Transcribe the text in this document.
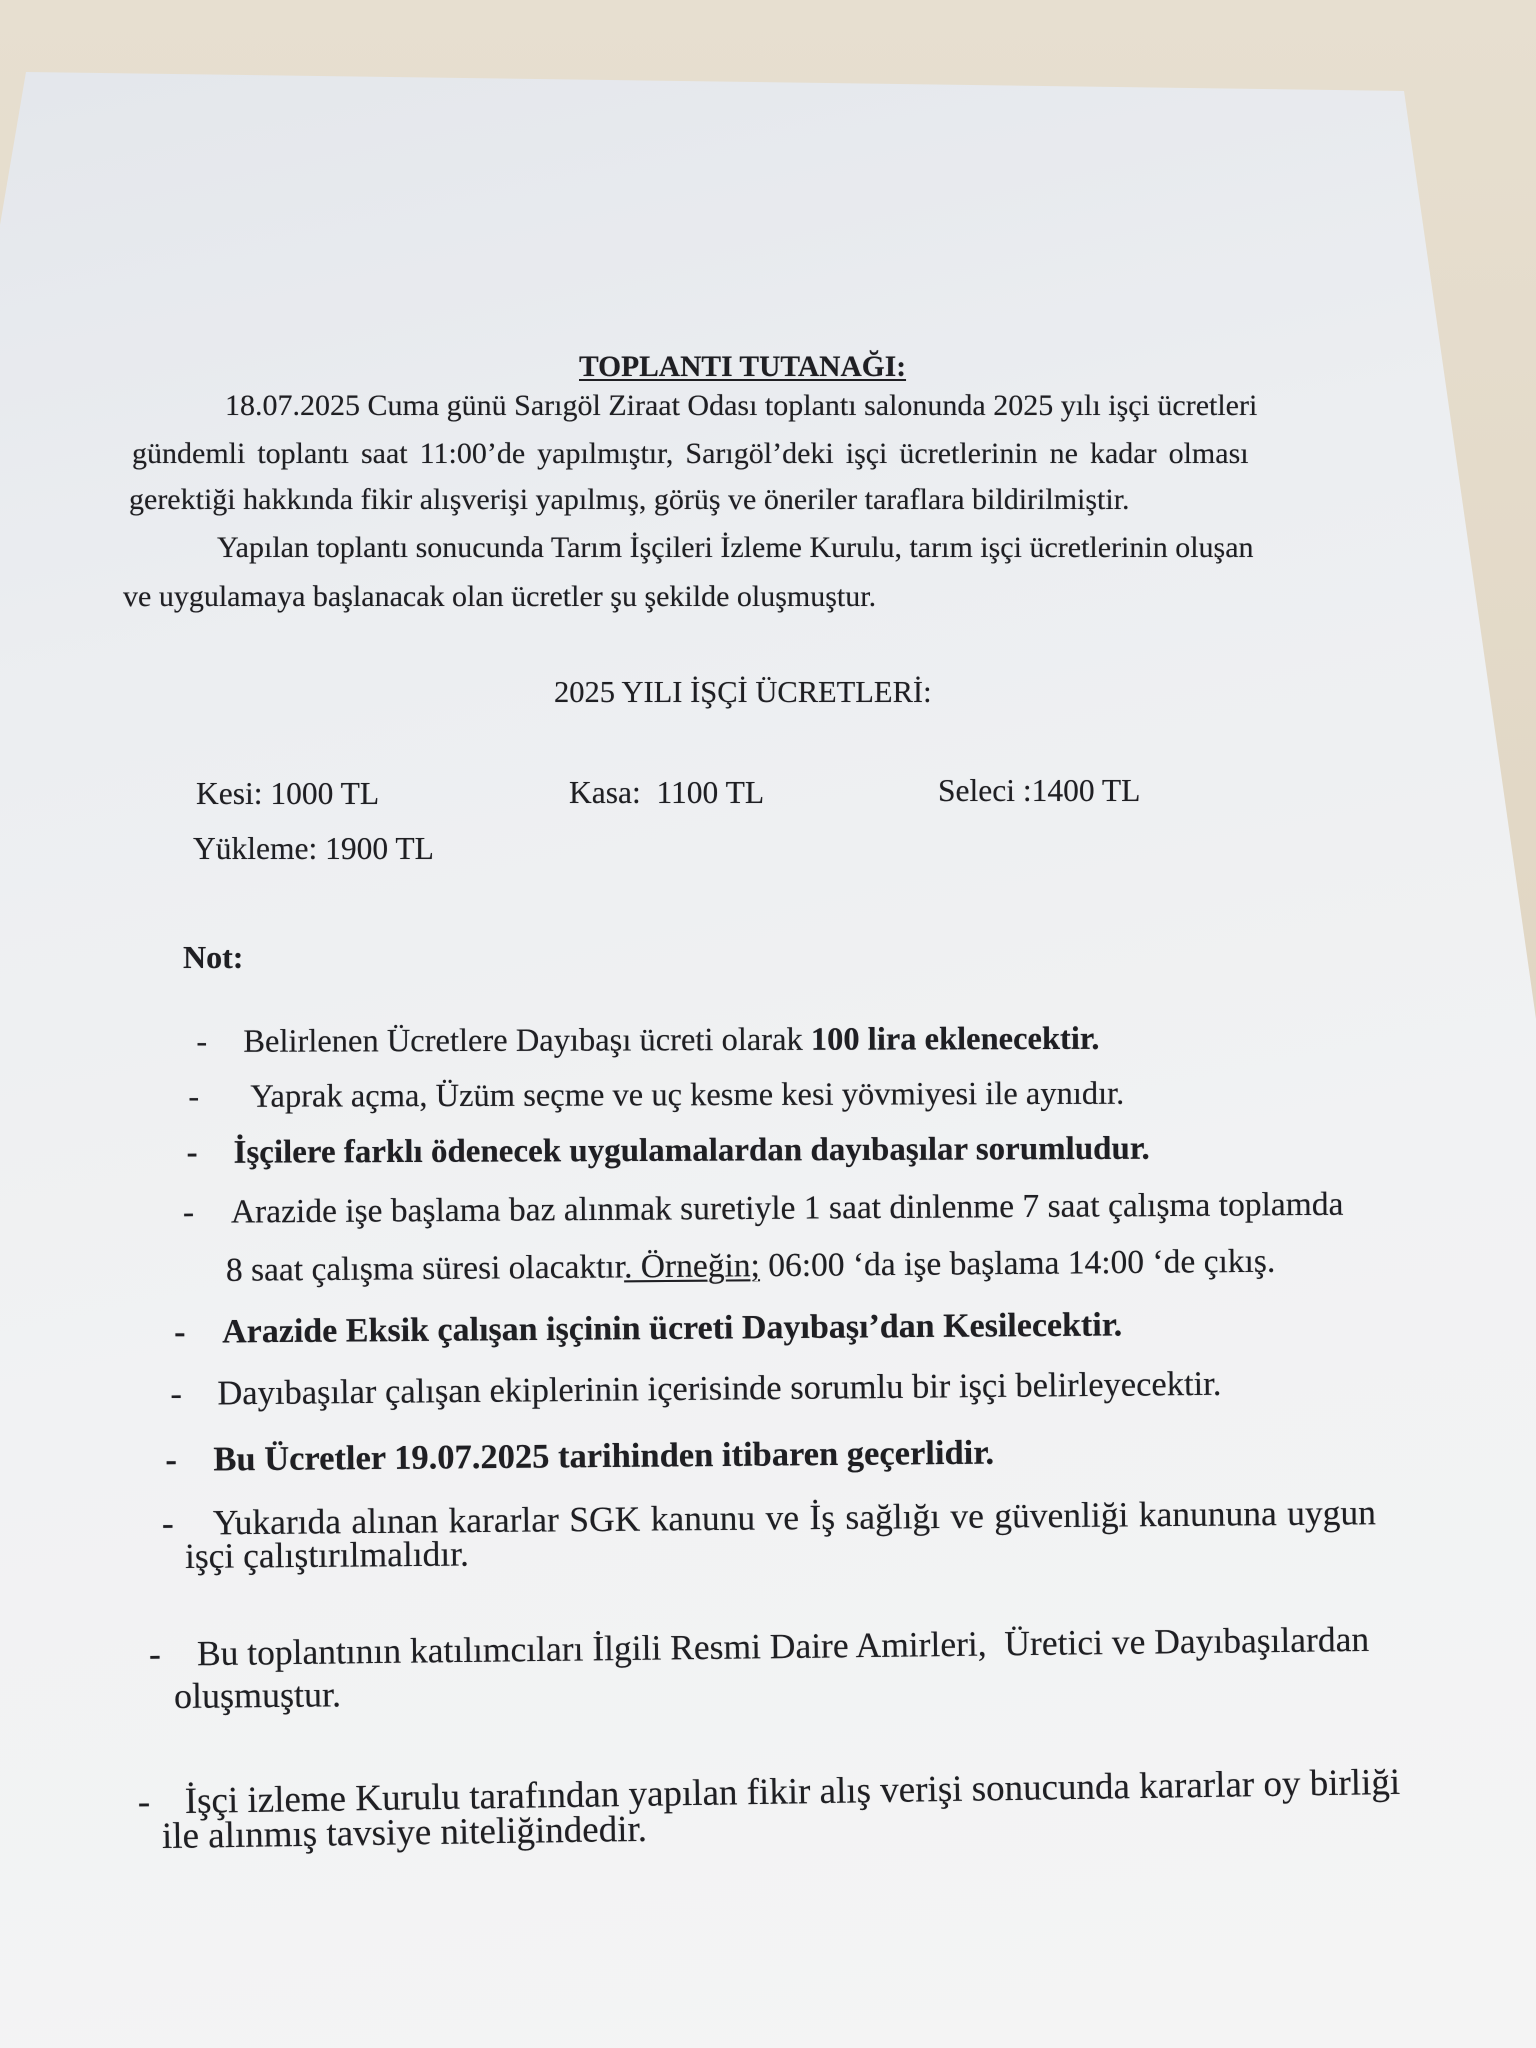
TOPLANTI TUTANAĞI:
18.07.2025 Cuma günü Sarıgöl Ziraat Odası toplantı salonunda 2025 yılı işçi ücretleri
gündemli toplantı saat 11:00’de yapılmıştır, Sarıgöl’deki işçi ücretlerinin ne kadar olması
gerektiği hakkında fikir alışverişi yapılmış, görüş ve öneriler taraflara bildirilmiştir.
Yapılan toplantı sonucunda Tarım İşçileri İzleme Kurulu, tarım işçi ücretlerinin oluşan
ve uygulamaya başlanacak olan ücretler şu şekilde oluşmuştur.
2025 YILI İŞÇİ ÜCRETLERİ:
Kesi: 1000 TL	Kasa:  1100 TL	Seleci :1400 TL
Yükleme: 1900 TL
Not:

- Belirlenen Ücretlere Dayıbaşı ücreti olarak 100 lira eklenecektir.

- Yaprak açma, Üzüm seçme ve uç kesme kesi yövmiyesi ile aynıdır.

- İşçilere farklı ödenecek uygulamalardan dayıbaşılar sorumludur.

- Arazide işe başlama baz alınmak suretiyle 1 saat dinlenme 7 saat çalışma toplamda

8 saat çalışma süresi olacaktır. Örneğin; 06:00 ‘da işe başlama 14:00 ‘de çıkış.

- Arazide Eksik çalışan işçinin ücreti Dayıbaşı’dan Kesilecektir.

- Dayıbaşılar çalışan ekiplerinin içerisinde sorumlu bir işçi belirleyecektir.

- Bu Ücretler 19.07.2025 tarihinden itibaren geçerlidir.

- Yukarıda alınan kararlar SGK kanunu ve İş sağlığı ve güvenliği kanununa uygun

işçi çalıştırılmalıdır.

- Bu toplantının katılımcıları İlgili Resmi Daire Amirleri,  Üretici ve Dayıbaşılardan

oluşmuştur.

- İşçi izleme Kurulu tarafından yapılan fikir alış verişi sonucunda kararlar oy birliği

ile alınmış tavsiye niteliğindedir.
